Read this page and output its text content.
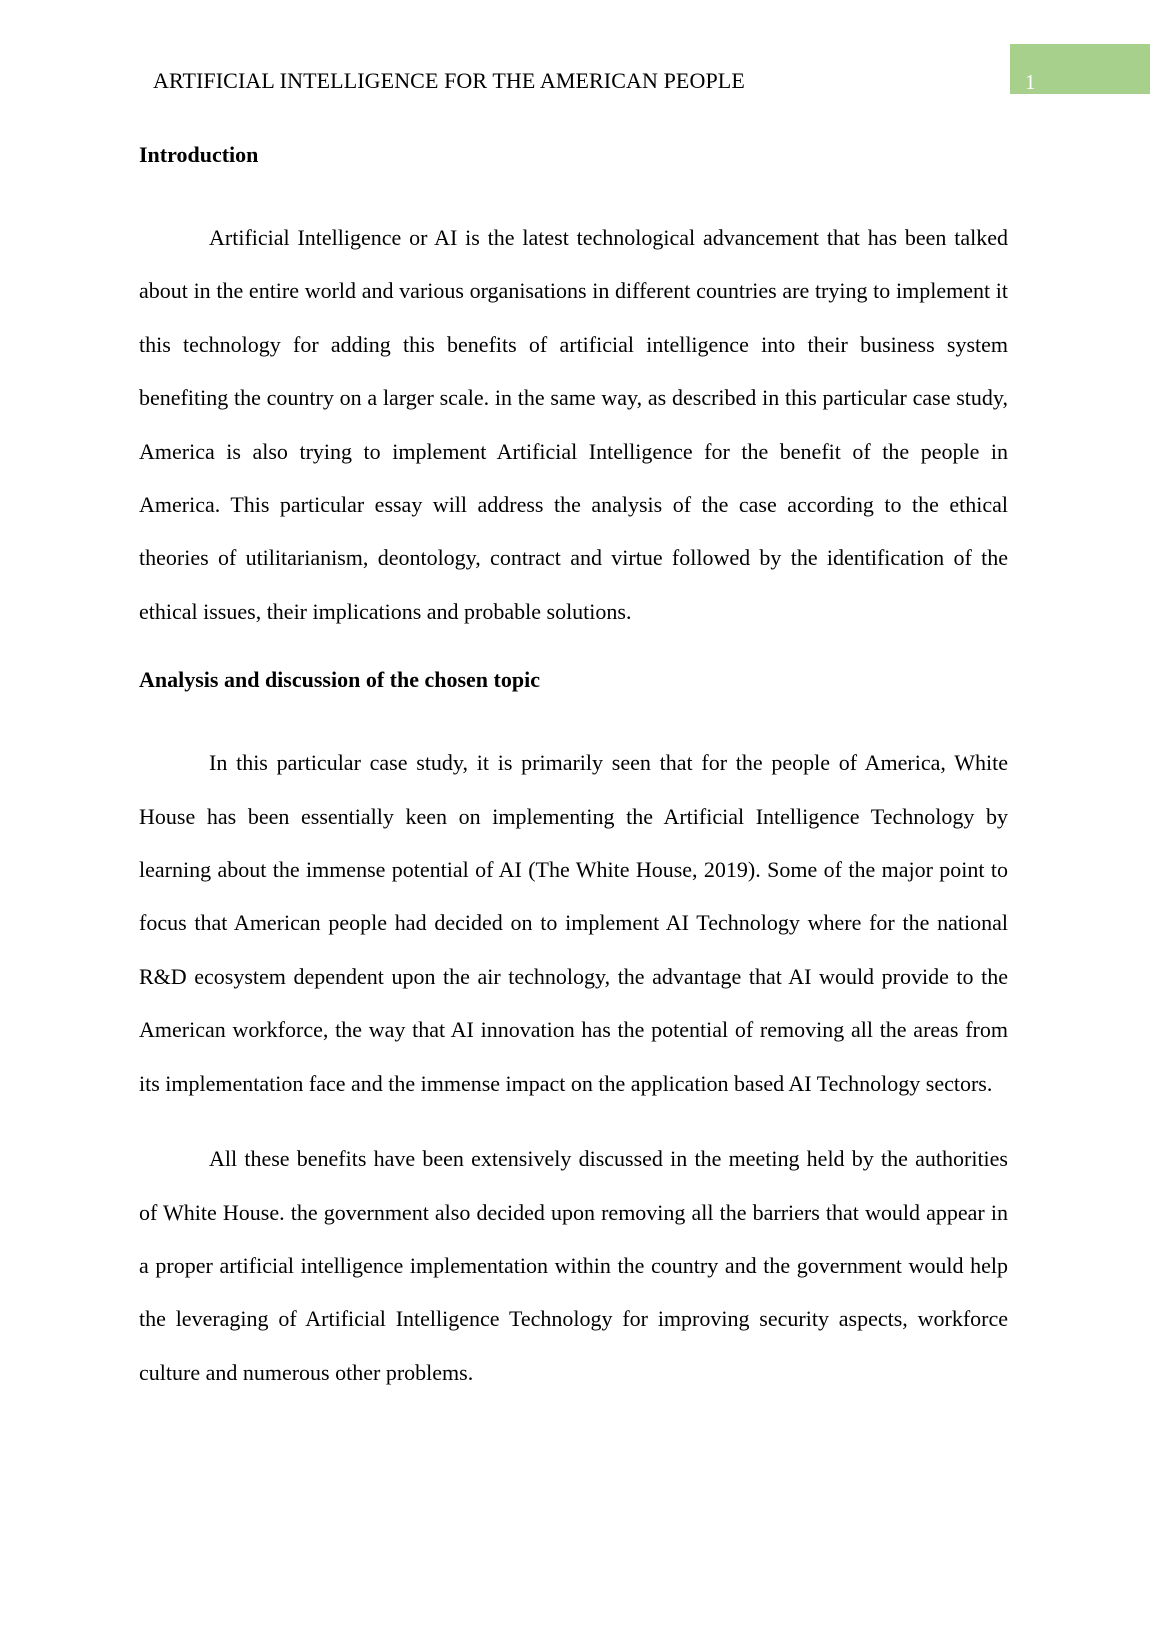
ARTIFICIAL INTELLIGENCE FOR THE AMERICAN PEOPLE	1
Introduction

Artificial Intelligence or AI is the latest technological advancement that has been talked about in the entire world and various organisations in different countries are trying to implement it this technology for adding this benefits of artificial intelligence into their business system benefiting the country on a larger scale. in the same way, as described in this particular case study, America is also trying to implement Artificial Intelligence for the benefit of the people in America. This particular essay will address the analysis of the case according to the ethical theories of utilitarianism, deontology, contract and virtue followed by the identification of the ethical issues, their implications and probable solutions.

Analysis and discussion of the chosen topic

In this particular case study, it is primarily seen that for the people of America, White House has been essentially keen on implementing the Artificial Intelligence Technology by learning about the immense potential of AI (The White House, 2019). Some of the major point to focus that American people had decided on to implement AI Technology where for the national R&D ecosystem dependent upon the air technology, the advantage that AI would provide to the American workforce, the way that AI innovation has the potential of removing all the areas from its implementation face and the immense impact on the application based AI Technology sectors.

All these benefits have been extensively discussed in the meeting held by the authorities of White House. the government also decided upon removing all the barriers that would appear in a proper artificial intelligence implementation within the country and the government would help the leveraging of Artificial Intelligence Technology for improving security aspects, workforce culture and numerous other problems.
